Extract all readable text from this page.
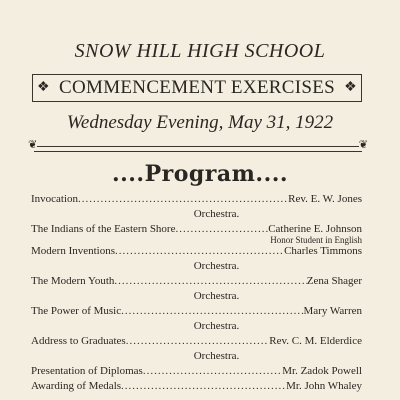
SNOW HILL HIGH SCHOOL
❖ COMMENCEMENT EXERCISES ❖
Wednesday Evening, May 31, 1922
❦	❦
....Program....
Invocation .....	Rev. E. W. Jones
Orchestra.
The Indians of the Eastern Shore .....	Catherine E. Johnson
Honor Student in English
Modern Inventions .....	Charles Timmons
Orchestra.
The Modern Youth .....	Zena Shager
Orchestra.
The Power of Music .....	Mary Warren
Orchestra.
Address to Graduates .....	Rev. C. M. Elderdice
Orchestra.
Presentation of Diplomas .....	Mr. Zadok Powell
Awarding of Medals .....	Mr. John Whaley
